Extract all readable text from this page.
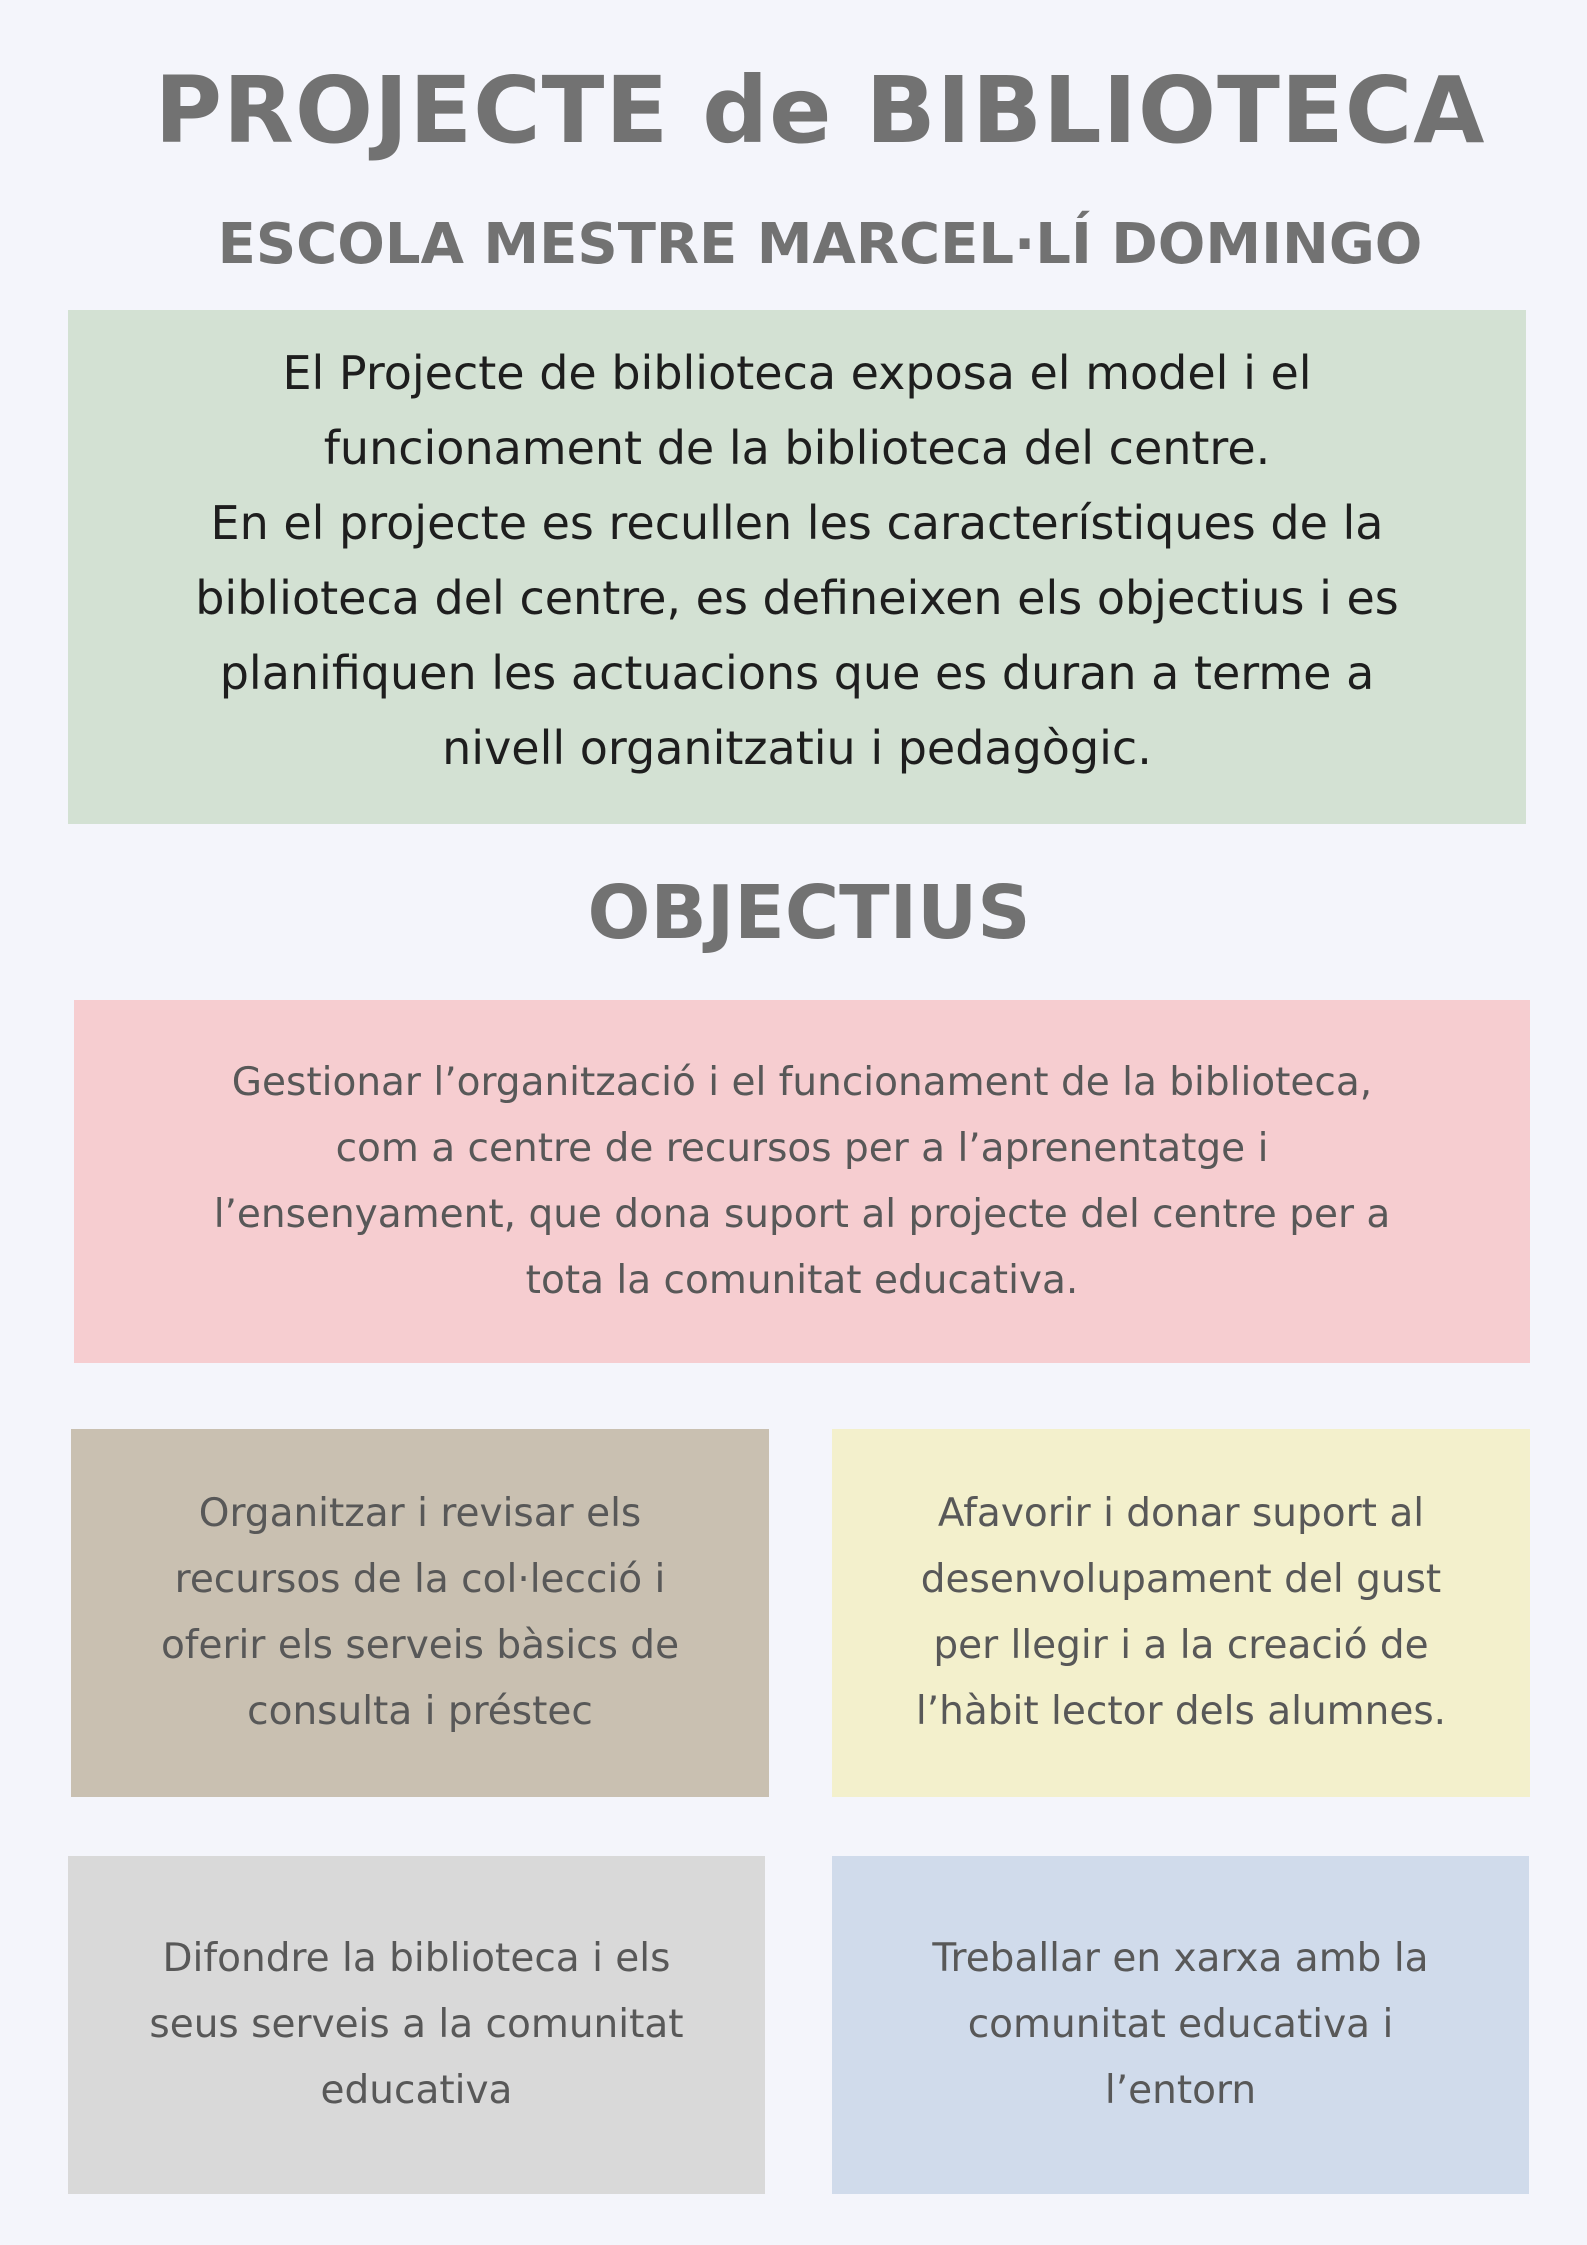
PROJECTE de BIBLIOTECA
ESCOLA MESTRE MARCEL·LÍ DOMINGO

El Projecte de biblioteca exposa el model i el

funcionament de la biblioteca del centre.

En el projecte es recullen les característiques de la

biblioteca del centre, es defineixen els objectius i es

planifiquen les actuacions que es duran a terme a

nivell organitzatiu i pedagògic.

OBJECTIUS
Gestionar l’organització i el funcionament de la biblioteca,
com a centre de recursos per a l’aprenentatge i
l’ensenyament, que dona suport al projecte del centre per a
tota la comunitat educativa.
Organitzar i revisar els
recursos de la col·lecció i
oferir els serveis bàsics de
consulta i préstec
Afavorir i donar suport al
desenvolupament del gust
per llegir i a la creació de
l’hàbit lector dels alumnes.
Difondre la biblioteca i els
seus serveis a la comunitat
educativa
Treballar en xarxa amb la
comunitat educativa i
l’entorn
